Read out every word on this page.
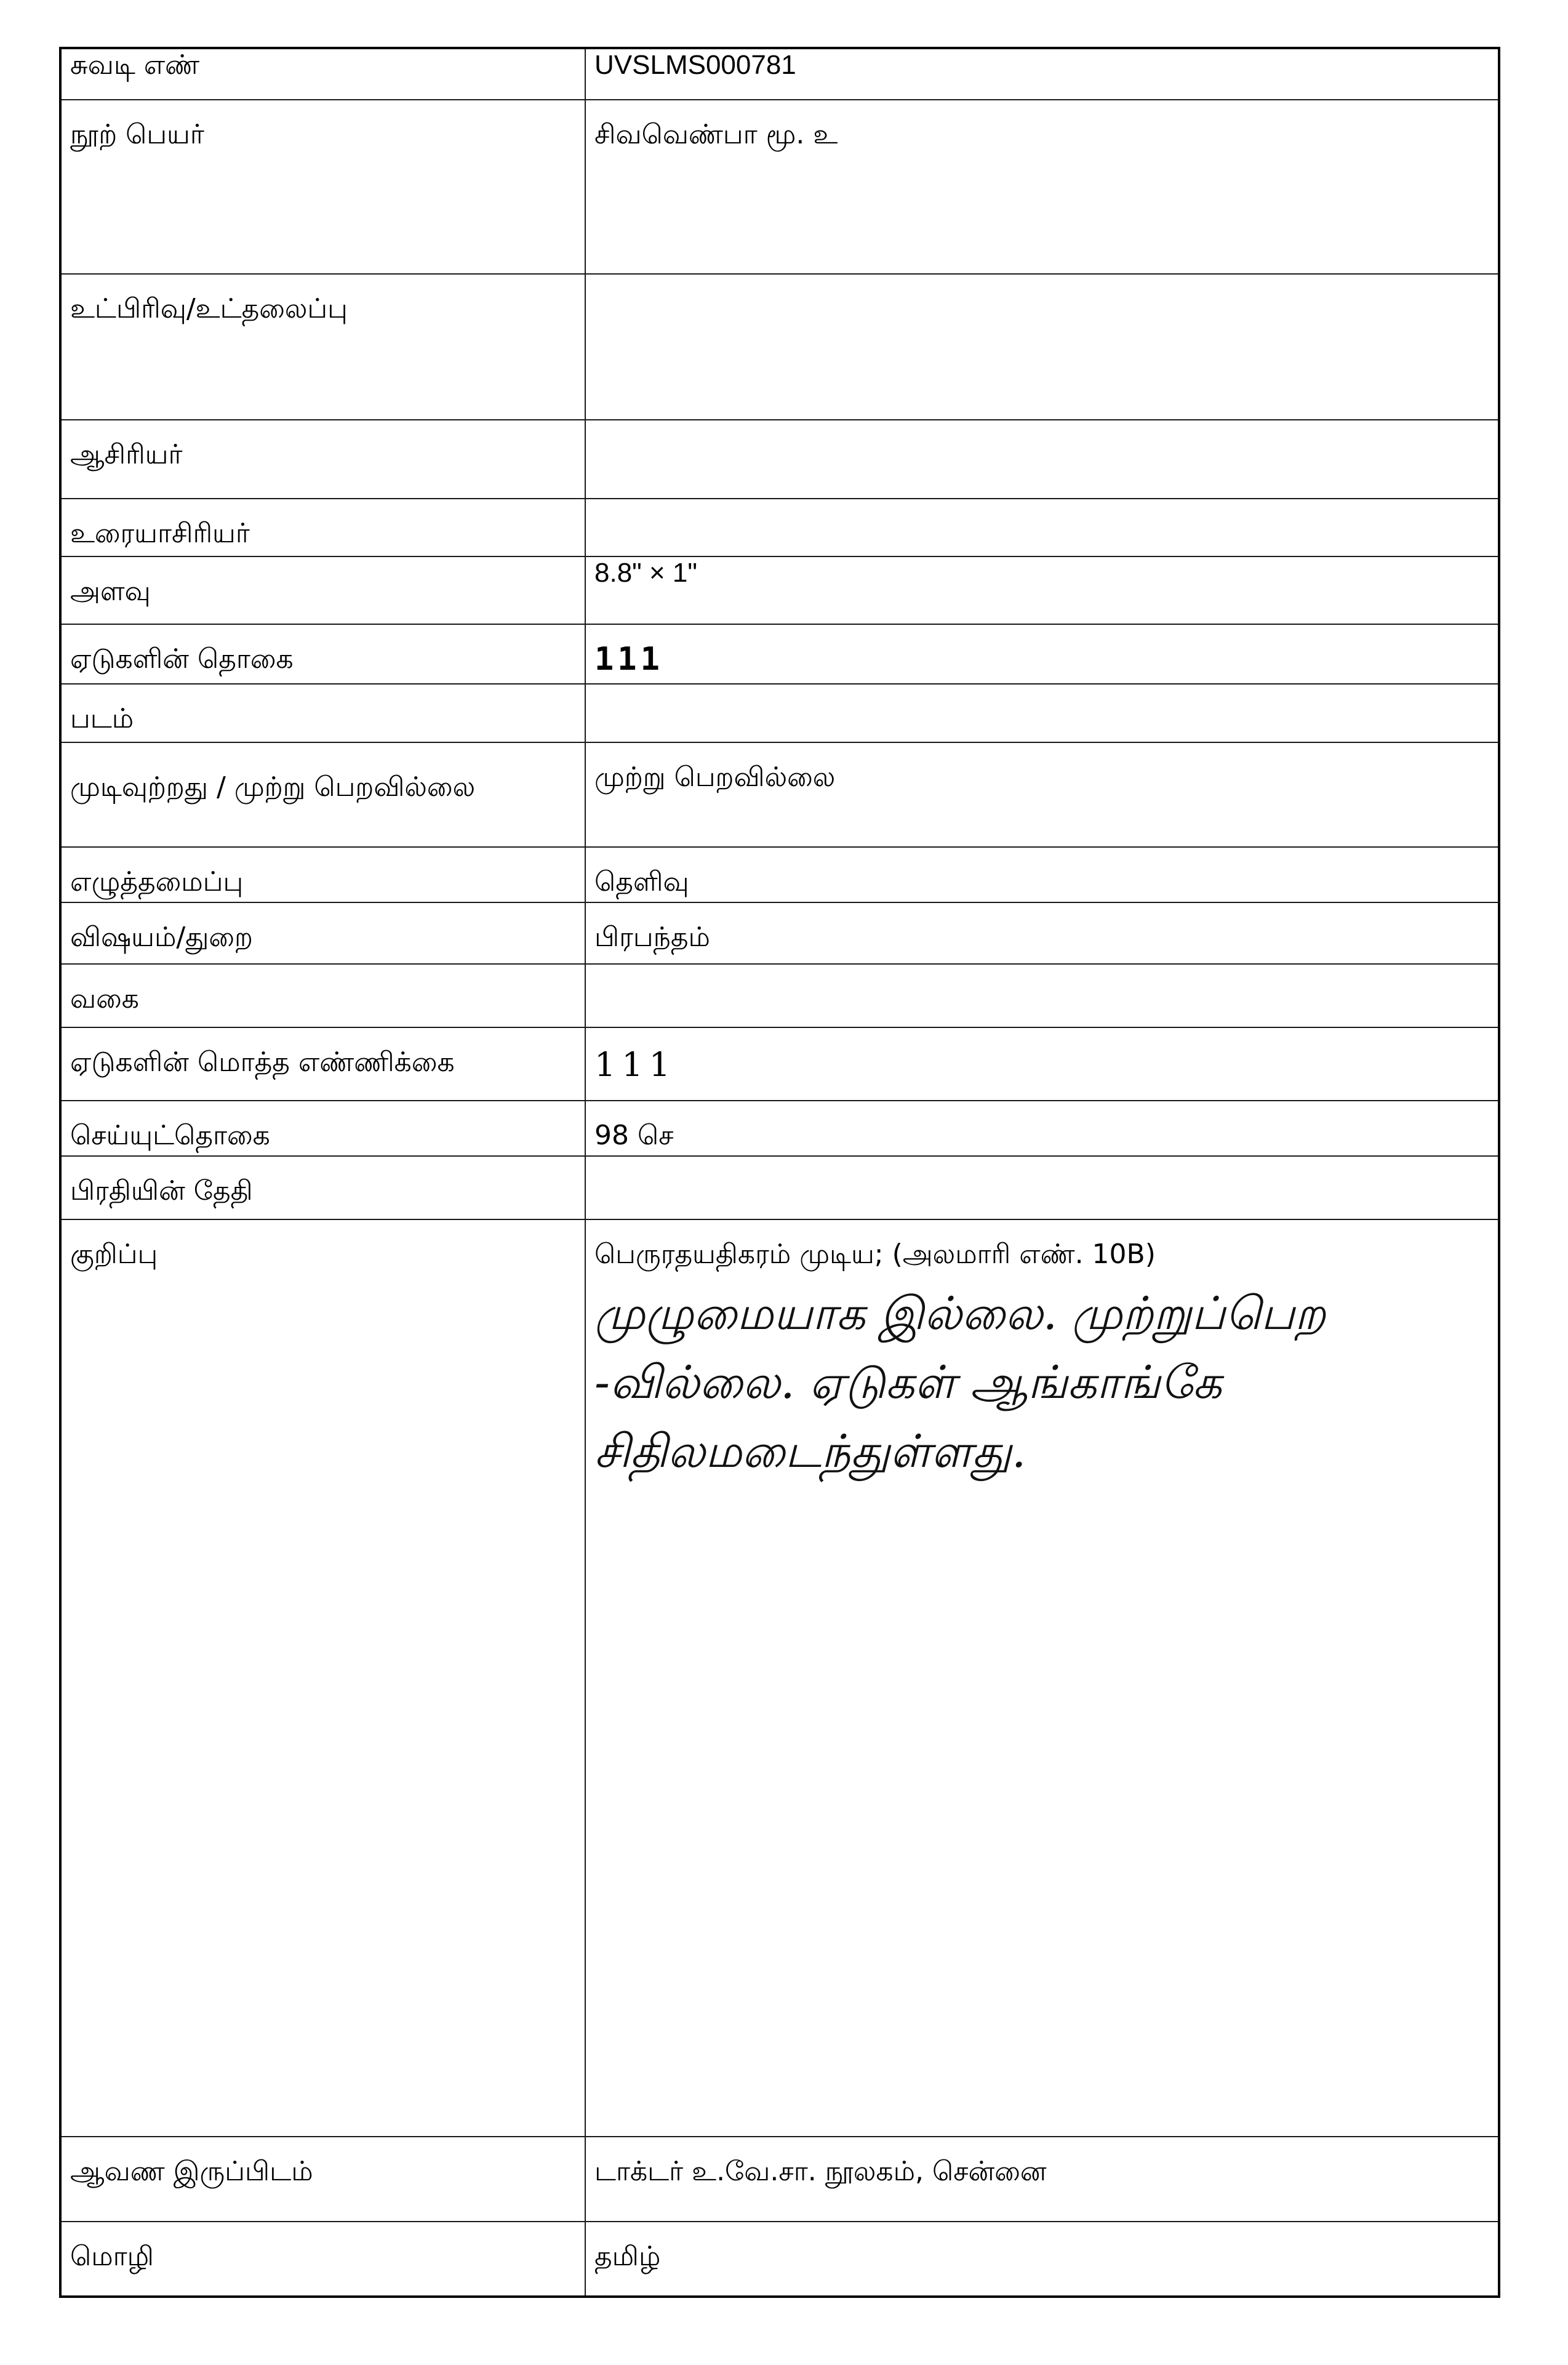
சுவடி எண்	UVSLMS000781
நூற் பெயர்	சிவவெண்பா மூ. உ
உட்பிரிவு/உட்தலைப்பு	
ஆசிரியர்	
உரையாசிரியர்	
அளவு	8.8" × 1"
ஏடுகளின் தொகை	111
படம்	
முடிவுற்றது / முற்று பெறவில்லை	முற்று பெறவில்லை
எழுத்தமைப்பு	தெளிவு
விஷயம்/துறை	பிரபந்தம்
வகை	
ஏடுகளின் மொத்த எண்ணிக்கை	111
செய்யுட்தொகை	98 செ
பிரதியின் தேதி	
குறிப்பு	பெருரதயதிகரம் முடிய; (அலமாரி எண். 10B)
முழுமையாக இல்லை. முற்றுப்பெற
-வில்லை. ஏடுகள் ஆங்காங்கே
சிதிலமடைந்துள்ளது.

ஆவண இருப்பிடம்	டாக்டர் உ.வே.சா. நூலகம், சென்னை
மொழி	தமிழ்
